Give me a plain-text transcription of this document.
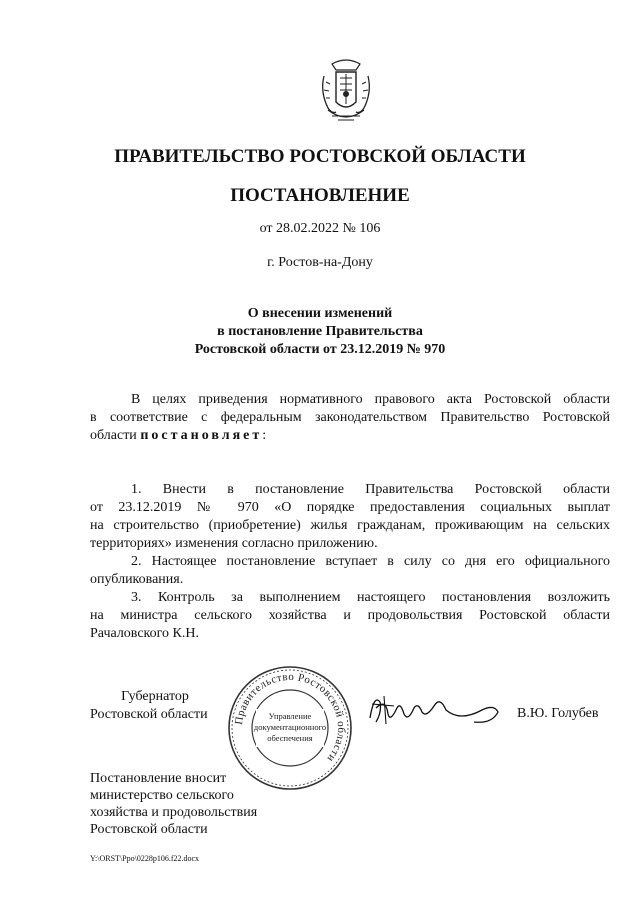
ПРАВИТЕЛЬСТВО РОСТОВСКОЙ ОБЛАСТИ
ПОСТАНОВЛЕНИЕ
от 28.02.2022 № 106
г. Ростов-на-Дону
О внесении изменений
в постановление Правительства
Ростовской области от 23.12.2019 № 970
В целях приведения нормативного правового акта Ростовской области
в соответствие с федеральным законодательством Правительство Ростовской
области постановляет:
1. Внести в постановление Правительства Ростовской области
от 23.12.2019 № 970 «О порядке предоставления социальных выплат
на строительство (приобретение) жилья гражданам, проживающим на сельских
территориях» изменения согласно приложению.
2. Настоящее постановление вступает в силу со дня его официального
опубликования.
3. Контроль за выполнением настоящего постановления возложить
на министра сельского хозяйства и продовольствия Ростовской области
Рачаловского К.Н.
Губернатор
Ростовской области	Правительство Ростовской области
Управление
документационного
обеспечения
В.Ю. Голубев
Постановление вносит
министерство сельского
хозяйства и продовольствия
Ростовской области
Y:\ORST\Ppo\0228p106.f22.docx
